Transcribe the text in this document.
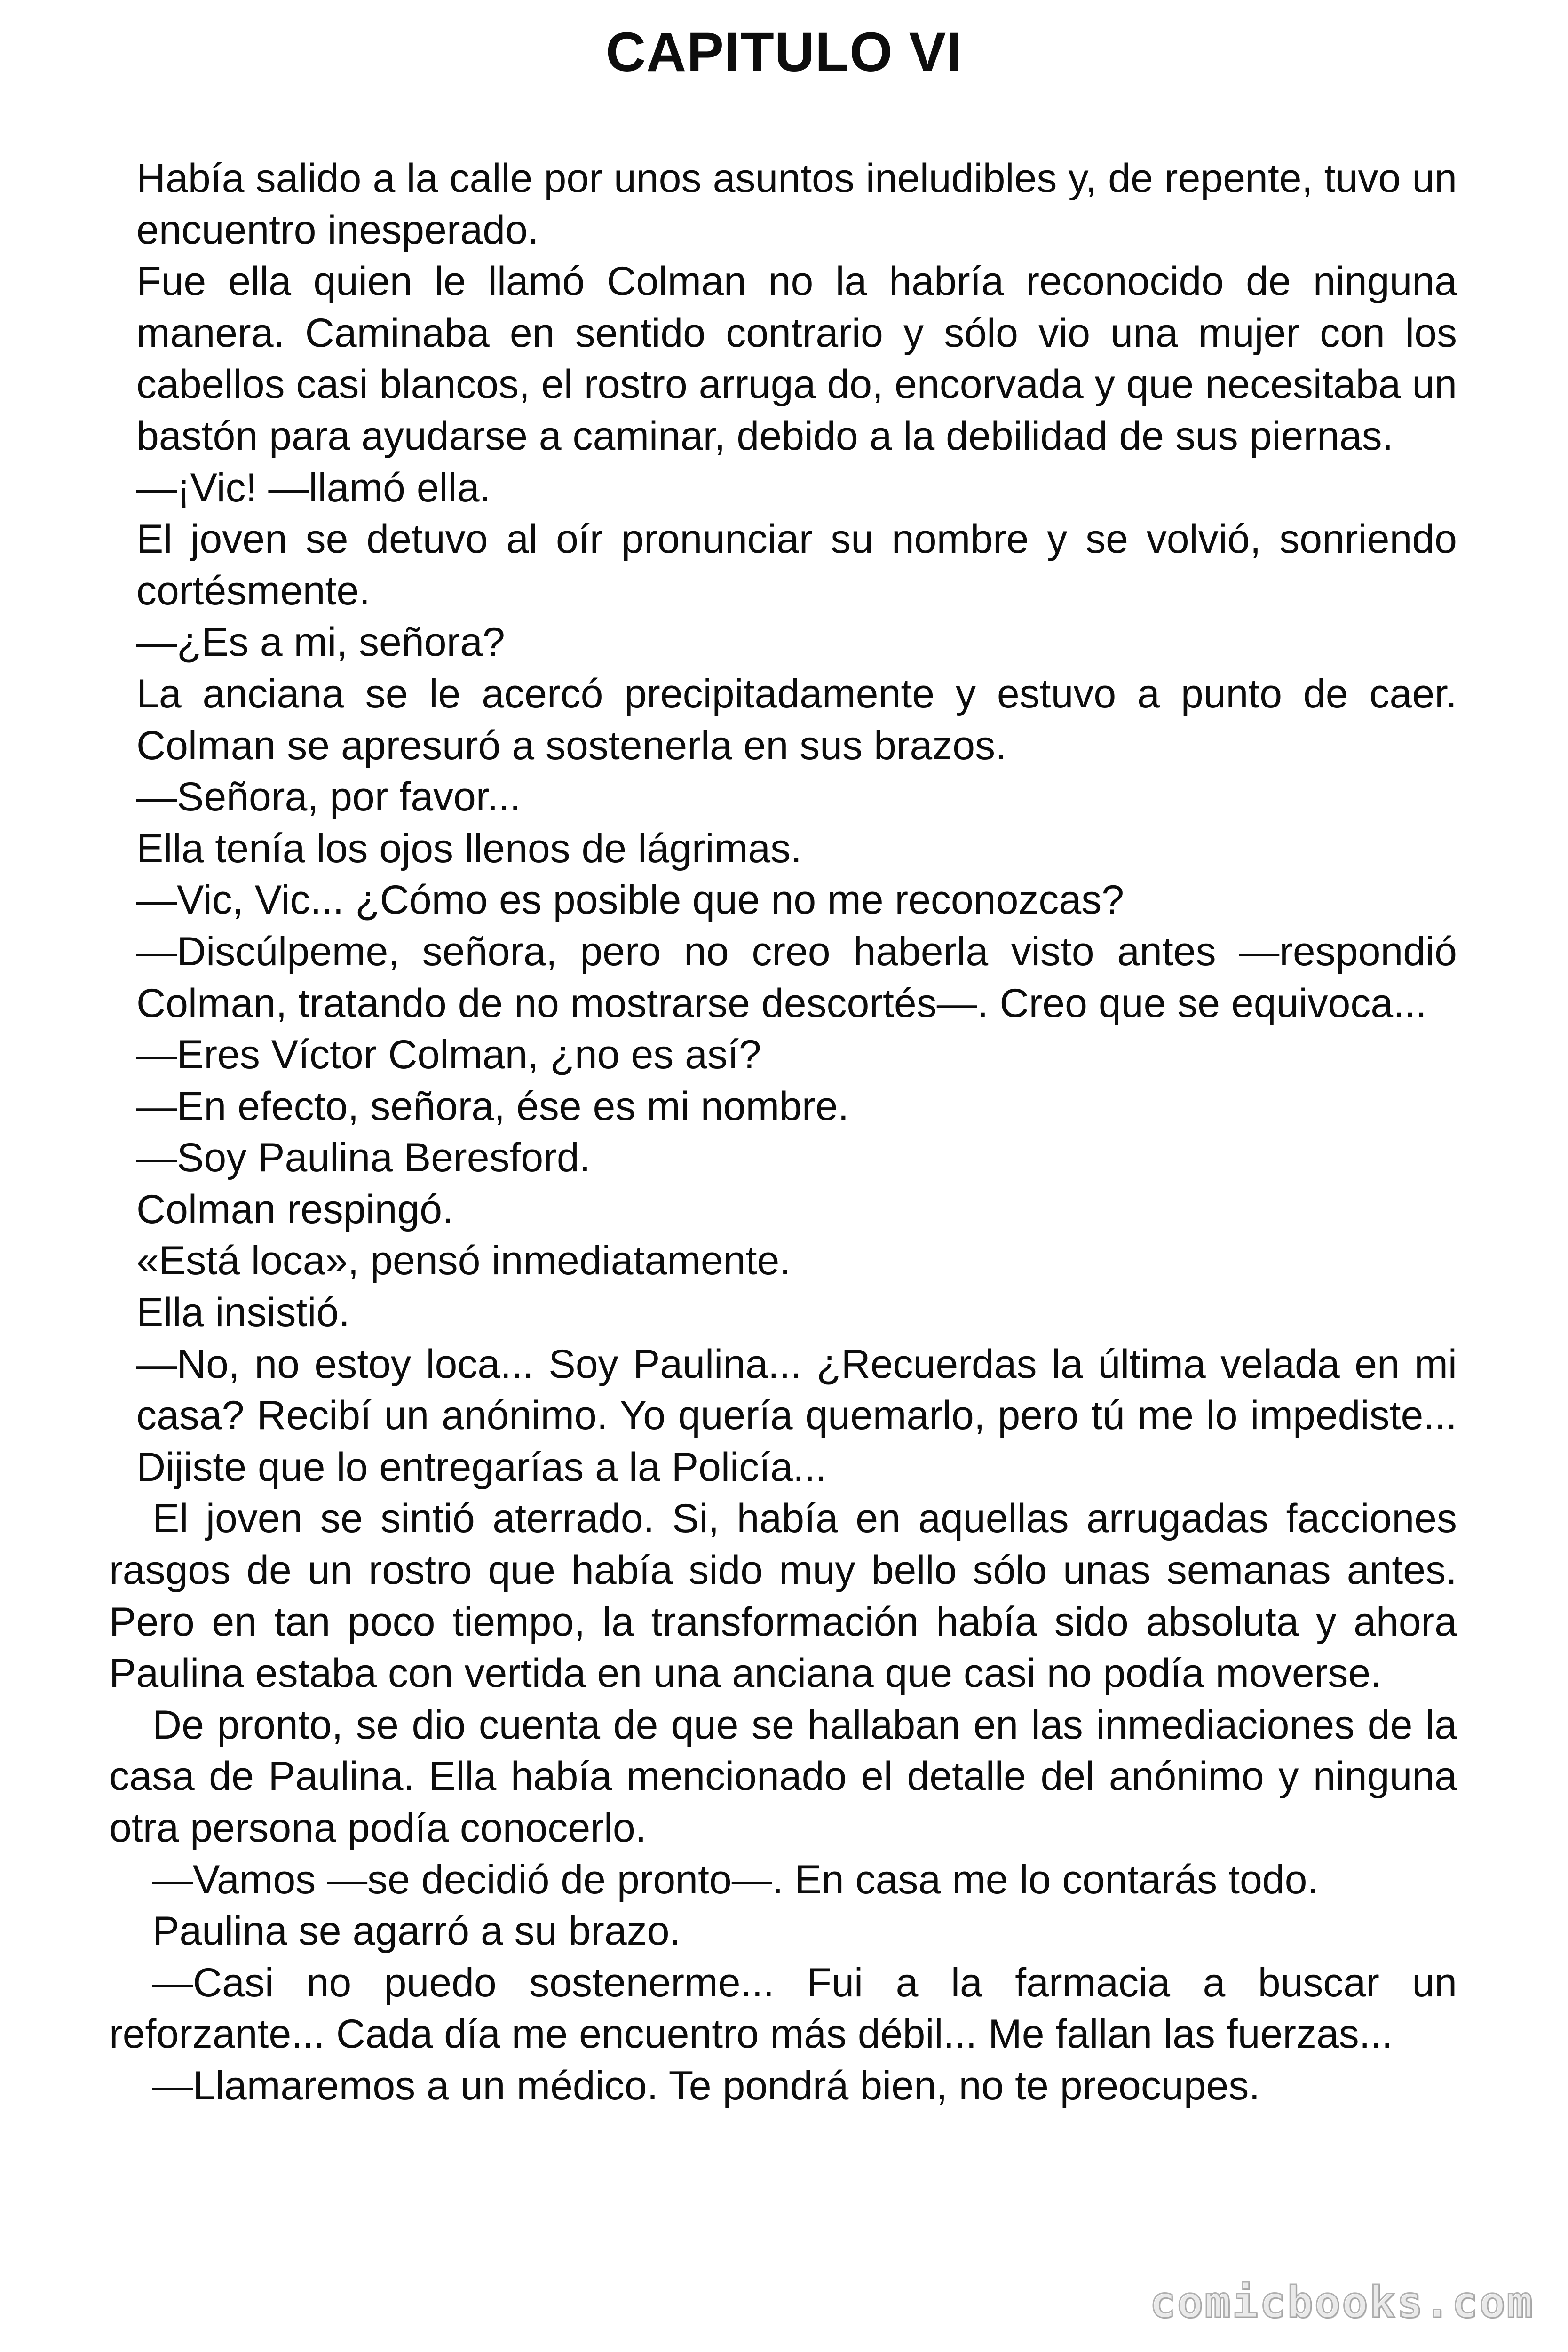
CAPITULO VI

Había salido a la calle por unos asuntos ineludibles y, de repente, tuvo un encuentro inesperado.

Fue ella quien le llamó Colman no la habría reconocido de ninguna manera. Caminaba en sentido contrario y sólo vio una mujer con los cabellos casi blancos, el rostro arruga do, encorvada y que necesitaba un bastón para ayudarse a caminar, debido a la debilidad de sus piernas.

—¡Vic! —llamó ella.

El joven se detuvo al oír pronunciar su nombre y se volvió, sonriendo cortésmente.

—¿Es a mi, señora?

La anciana se le acercó precipitadamente y estuvo a punto de caer. Colman se apresuró a sostenerla en sus brazos.

—Señora, por favor...

Ella tenía los ojos llenos de lágrimas.

—Vic, Vic... ¿Cómo es posible que no me reconozcas?

—Discúlpeme, señora, pero no creo haberla visto antes —respondió Colman, tratando de no mostrarse descortés—. Creo que se equivoca...

—Eres Víctor Colman, ¿no es así?

—En efecto, señora, ése es mi nombre.

—Soy Paulina Beresford.

Colman respingó.

«Está loca», pensó inmediatamente.

Ella insistió.

—No, no estoy loca... Soy Paulina... ¿Recuerdas la última velada en mi casa? Recibí un anónimo. Yo quería quemarlo, pero tú me lo impediste... Dijiste que lo entregarías a la Policía...

El joven se sintió aterrado. Si, había en aquellas arrugadas facciones rasgos de un rostro que había sido muy bello sólo unas semanas antes. Pero en tan poco tiempo, la transformación había sido absoluta y ahora Paulina estaba con vertida en una anciana que casi no podía moverse.

De pronto, se dio cuenta de que se hallaban en las inmediaciones de la casa de Paulina. Ella había mencionado el detalle del anónimo y ninguna otra persona podía conocerlo.

—Vamos —se decidió de pronto—. En casa me lo contarás todo.

Paulina se agarró a su brazo.

—Casi no puedo sostenerme... Fui a la farmacia a buscar un reforzante... Cada día me encuentro más débil... Me fallan las fuerzas...

—Llamaremos a un médico. Te pondrá bien, no te preocupes.

comicbooks.com
